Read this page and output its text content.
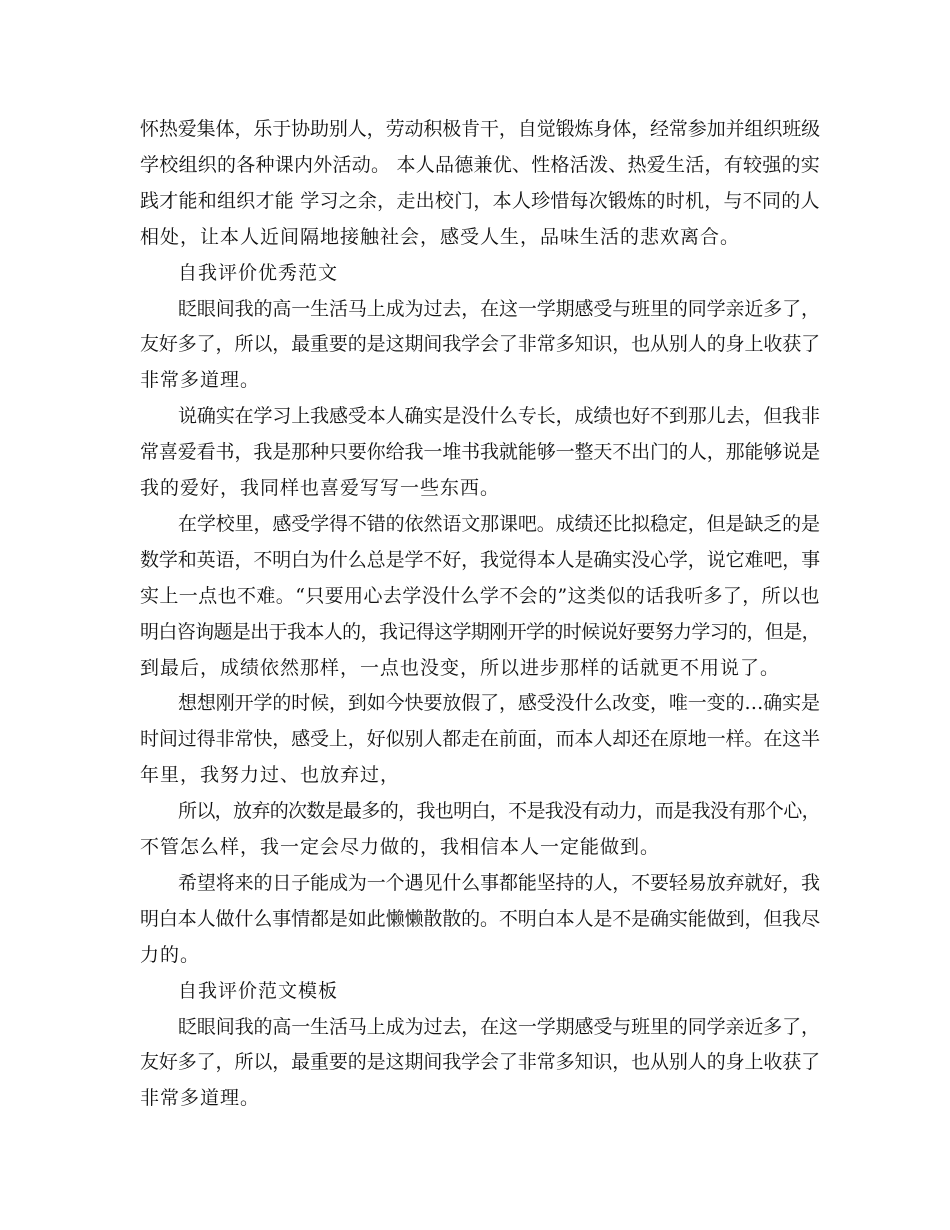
怀热爱集体，乐于协助别人，劳动积极肯干，自觉锻炼身体，经常参加并组织班级
学校组织的各种课内外活动。 本人品德兼优、性格活泼、热爱生活，有较强的实
践才能和组织才能 学习之余，走出校门，本人珍惜每次锻炼的时机，与不同的人
相处，让本人近间隔地接触社会，感受人生，品味生活的悲欢离合。
自我评价优秀范文
眨眼间我的高一生活马上成为过去，在这一学期感受与班里的同学亲近多了，
友好多了，所以，最重要的是这期间我学会了非常多知识，也从别人的身上收获了
非常多道理。
说确实在学习上我感受本人确实是没什么专长，成绩也好不到那儿去，但我非
常喜爱看书，我是那种只要你给我一堆书我就能够一整天不出门的人，那能够说是
我的爱好，我同样也喜爱写写一些东西。
在学校里，感受学得不错的依然语文那课吧。成绩还比拟稳定，但是缺乏的是
数学和英语，不明白为什么总是学不好，我觉得本人是确实没心学，说它难吧，事
实上一点也不难。“只要用心去学没什么学不会的”这类似的话我听多了，所以也
明白咨询题是出于我本人的，我记得这学期刚开学的时候说好要努力学习的，但是，
到最后，成绩依然那样，一点也没变，所以进步那样的话就更不用说了。
想想刚开学的时候，到如今快要放假了，感受没什么改变，唯一变的…确实是
时间过得非常快，感受上，好似别人都走在前面，而本人却还在原地一样。在这半
年里，我努力过、也放弃过，
所以，放弃的次数是最多的，我也明白，不是我没有动力，而是我没有那个心，
不管怎么样，我一定会尽力做的，我相信本人一定能做到。
希望将来的日子能成为一个遇见什么事都能坚持的人，不要轻易放弃就好，我
明白本人做什么事情都是如此懒懒散散的。不明白本人是不是确实能做到，但我尽
力的。
自我评价范文模板
眨眼间我的高一生活马上成为过去，在这一学期感受与班里的同学亲近多了，
友好多了，所以，最重要的是这期间我学会了非常多知识，也从别人的身上收获了
非常多道理。
